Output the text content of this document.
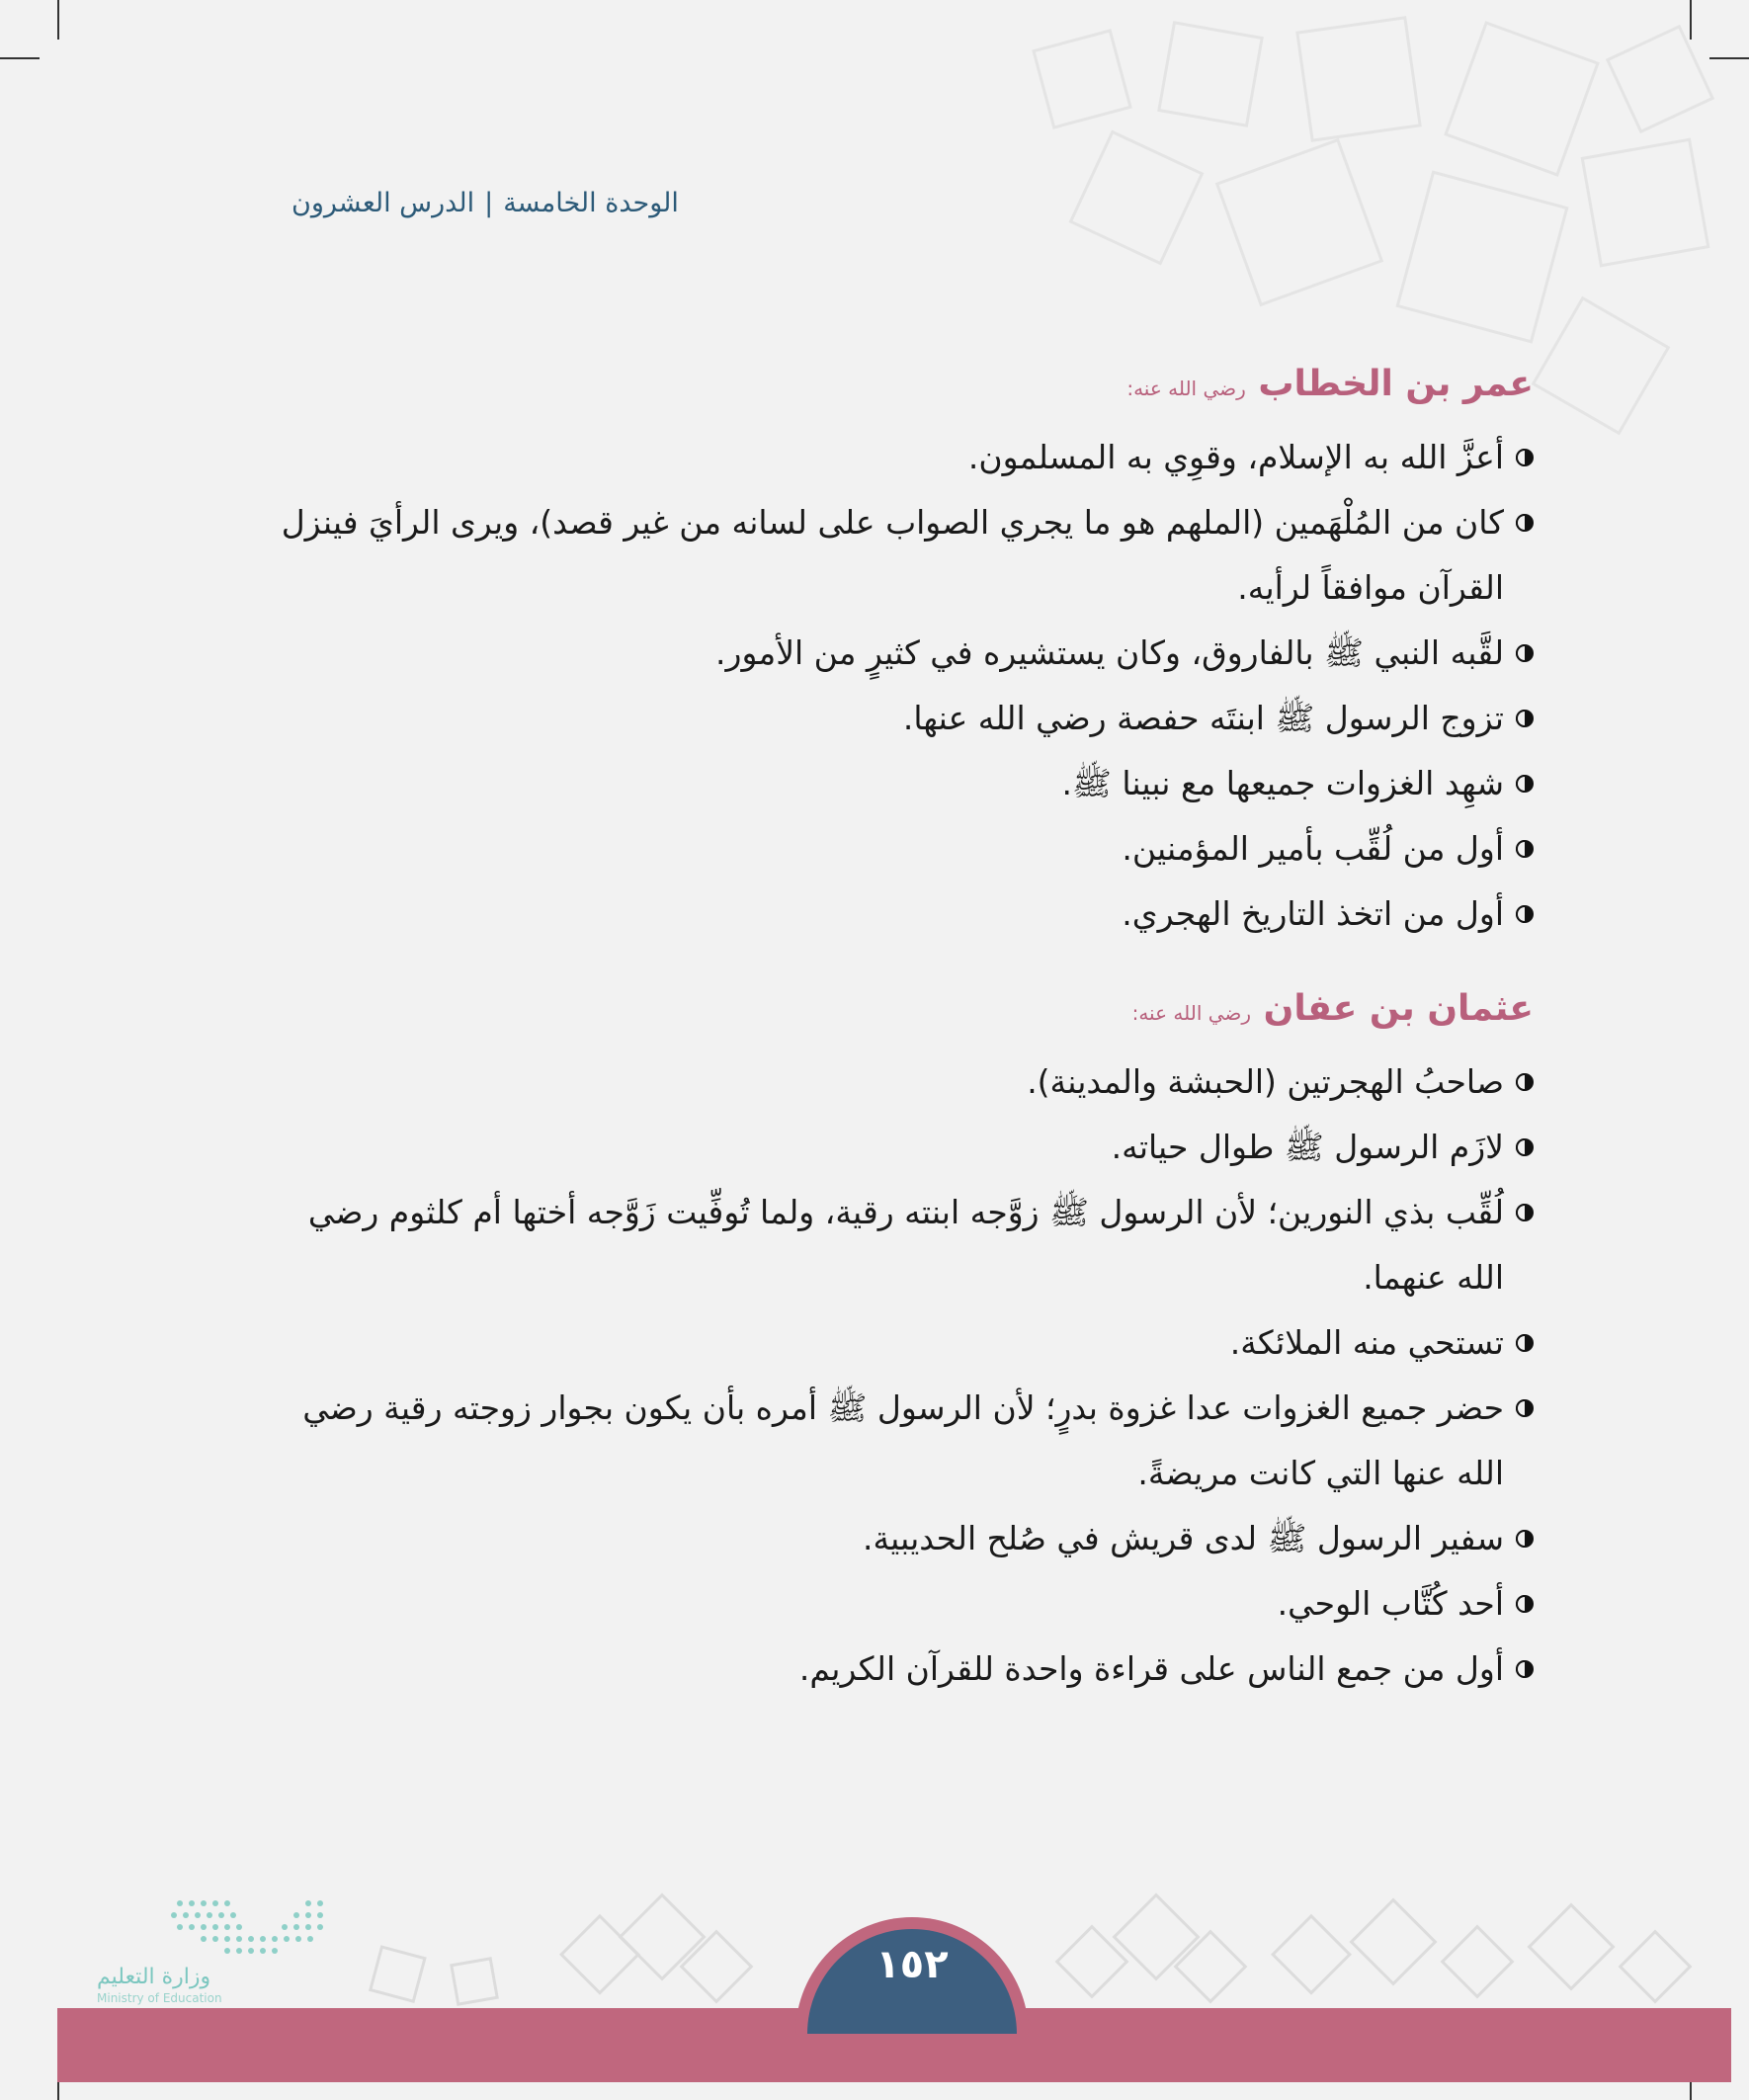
الوحدة الخامسة|الدرس العشرون
عمر بن الخطاب رضي الله عنه:
أعزَّ الله به الإسلام، وقوِي به المسلمون.
كان من المُلْهَمين (الملهم هو ما يجري الصواب على لسانه من غير قصد)، ويرى الرأيَ فينزل القرآن موافقاً لرأيه.
لقَّبه النبي ﷺ بالفاروق، وكان يستشيره في كثيرٍ من الأمور.
تزوج الرسول ﷺ ابنتَه حفصة رضي الله عنها.
شهِد الغزوات جميعها مع نبينا ﷺ.
أول من لُقِّب بأمير المؤمنين.
أول من اتخذ التاريخ الهجري.
عثمان بن عفان رضي الله عنه:
صاحبُ الهجرتين (الحبشة والمدينة).
لازَم الرسول ﷺ طوال حياته.
لُقِّب بذي النورين؛ لأن الرسول ﷺ زوَّجه ابنته رقية، ولما تُوفِّيت زَوَّجه أختها أم كلثوم رضي الله عنهما.
تستحي منه الملائكة.
حضر جميع الغزوات عدا غزوة بدرٍ؛ لأن الرسول ﷺ أمره بأن يكون بجوار زوجته رقية رضي الله عنها التي كانت مريضةً.
سفير الرسول ﷺ لدى قريش في صُلح الحديبية.
أحد كُتَّاب الوحي.
أول من جمع الناس على قراءة واحدة للقرآن الكريم.
وزارة التعليم
Ministry of Education
١٥٢
